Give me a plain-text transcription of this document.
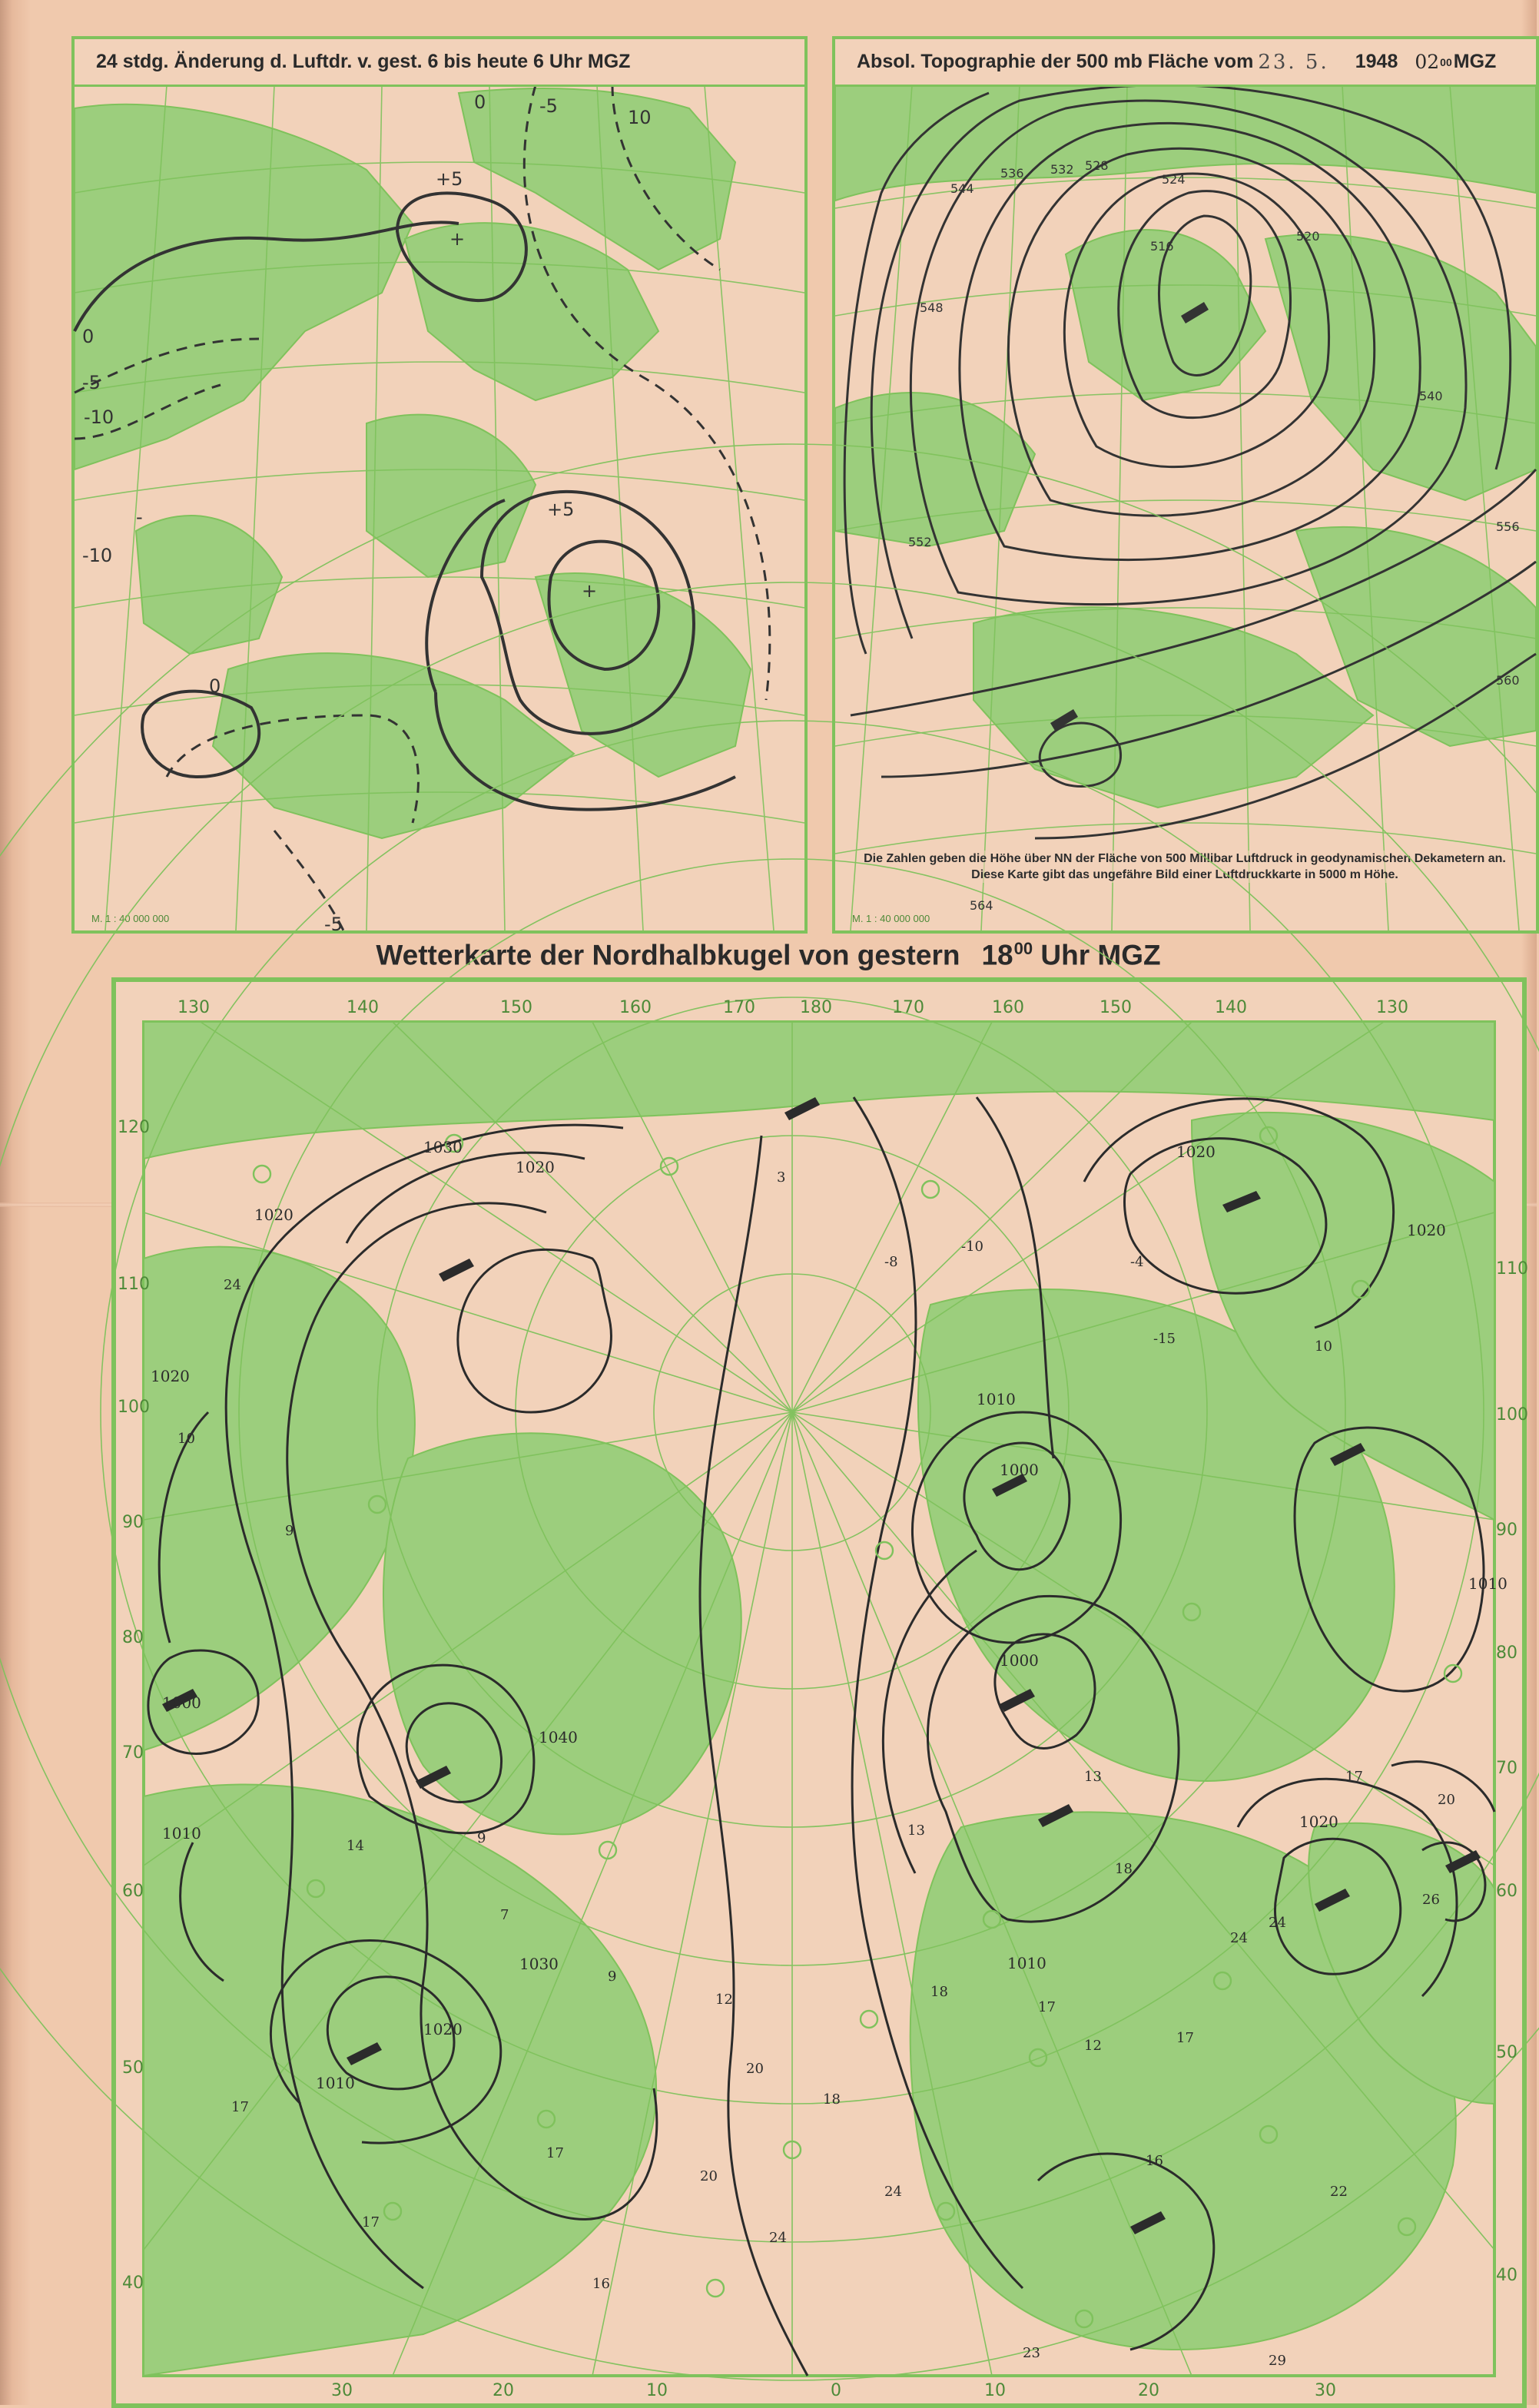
+5
+5
+
+
0
0
0
-5
-5
-5
-10
-10
10
-
24 stdg. Änderung d. Luftdr. v. gest. 6 bis heute 6 Uhr MGZ
M. 1 : 40 000 000
548
544
536 532 528
524
520
516
552
556
560
564
540
Absol. Topographie der 500 mb Fläche vom 23. 5. 1948 02 00 MGZ
Die Zahlen geben die Höhe über NN der Fläche von 500 Millibar Luftdruck in geodynamischen Dekametern an. Diese Karte gibt das ungefähre Bild einer Luftdruckkarte in 5000 m Höhe.
M. 1 : 40 000 000
Wetterkarte der Nordhalbkugel von gestern $18^{00}$ Uhr MGZ
3
-8
-10
-4
-15	10
24
10
9
14	9
7
9
12
13
13
18
24
24
17
20
26
18
17
12	17
16
22
29
23
24
20
24
17
17
16
17
18
20
1030
1020
1020
1020
1010
1000
1040
1030
1020
1010
1000
1010
1020
1000
1010
1020
1020
1010
130	140	150	160	170	180	170	160	150	140	130
120
110
100
90
80
70
60
50
40
110
100
90
80
70
60
50
40
30	20	10	0	10	20	30
